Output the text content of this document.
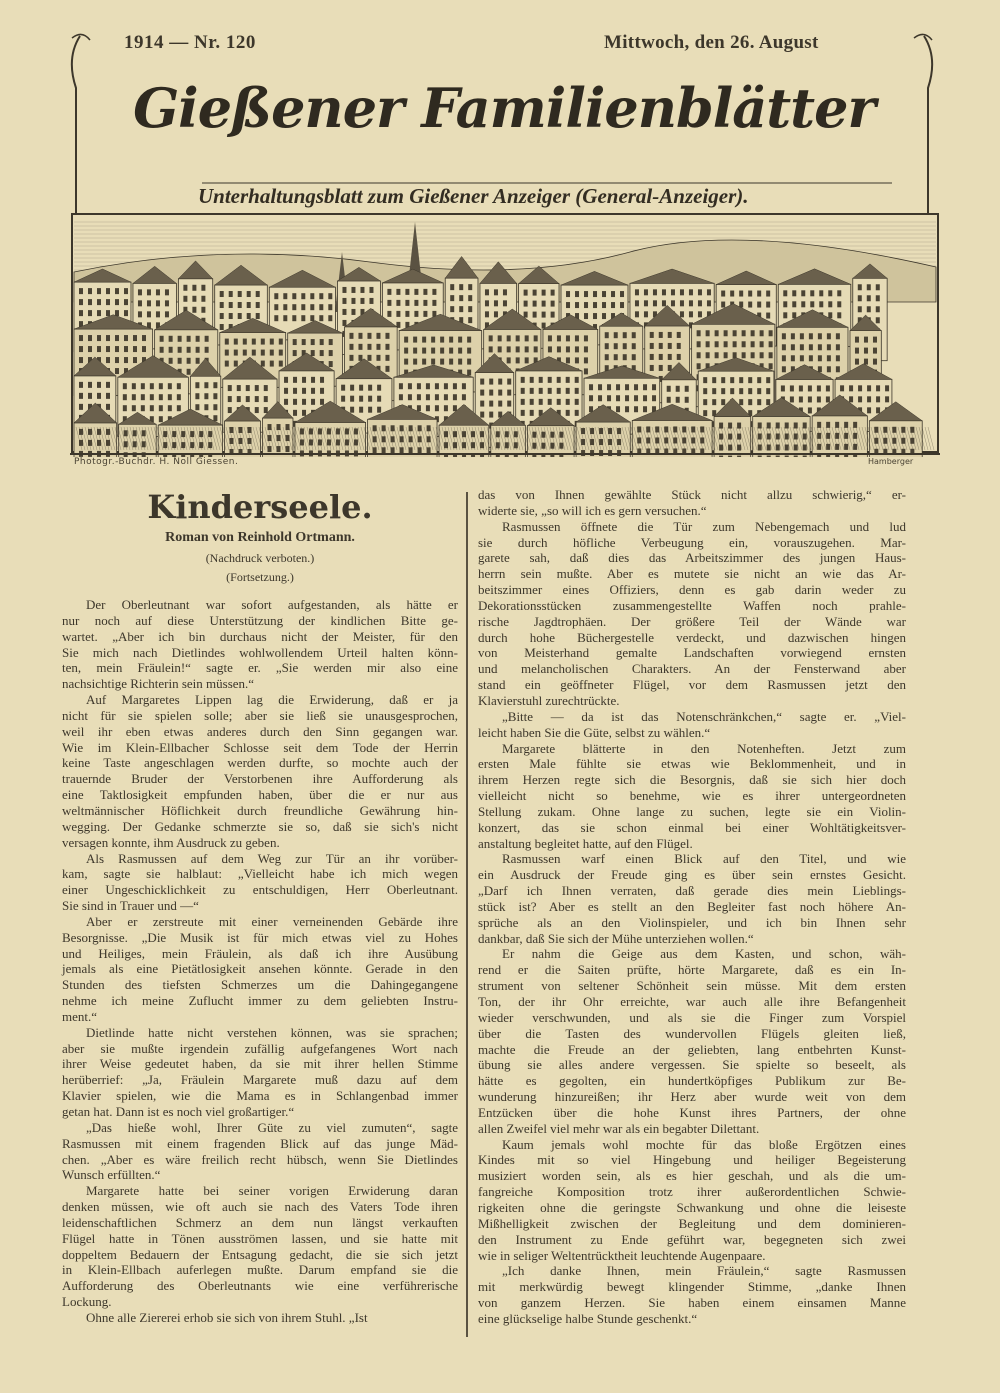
1914 — Nr. 120	Mittwoch, den 26. August
Gießener Familienblätter
Unterhaltungsblatt zum Gießener Anzeiger (General-Anzeiger).
Photogr.-Buchdr. H. Noll Giessen.	Hamberger
Kinderseele.
Roman von Reinhold Ortmann.
(Nachdruck verboten.)
(Fortsetzung.)
Der Oberleutnant war sofort aufgestanden, als hätte er
nur noch auf diese Unterstützung der kindlichen Bitte ge-
wartet. „Aber ich bin durchaus nicht der Meister, für den
Sie mich nach Dietlindes wohlwollendem Urteil halten könn-
ten, mein Fräulein!“ sagte er. „Sie werden mir also eine
nachsichtige Richterin sein müssen.“
Auf Margaretes Lippen lag die Erwiderung, daß er ja
nicht für sie spielen solle; aber sie ließ sie unausgesprochen,
weil ihr eben etwas anderes durch den Sinn gegangen war.
Wie im Klein-Ellbacher Schlosse seit dem Tode der Herrin
keine Taste angeschlagen werden durfte, so mochte auch der
trauernde Bruder der Verstorbenen ihre Aufforderung als
eine Taktlosigkeit empfunden haben, über die er nur aus
weltmännischer Höflichkeit durch freundliche Gewährung hin-
wegging. Der Gedanke schmerzte sie so, daß sie sich's nicht
versagen konnte, ihm Ausdruck zu geben.
Als Rasmussen auf dem Weg zur Tür an ihr vorüber-
kam, sagte sie halblaut: „Vielleicht habe ich mich wegen
einer Ungeschicklichkeit zu entschuldigen, Herr Oberleutnant.
Sie sind in Trauer und —“
Aber er zerstreute mit einer verneinenden Gebärde ihre
Besorgnisse. „Die Musik ist für mich etwas viel zu Hohes
und Heiliges, mein Fräulein, als daß ich ihre Ausübung
jemals als eine Pietätlosigkeit ansehen könnte. Gerade in den
Stunden des tiefsten Schmerzes um die Dahingegangene
nehme ich meine Zuflucht immer zu dem geliebten Instru-
ment.“
Dietlinde hatte nicht verstehen können, was sie sprachen;
aber sie mußte irgendein zufällig aufgefangenes Wort nach
ihrer Weise gedeutet haben, da sie mit ihrer hellen Stimme
herüberrief: „Ja, Fräulein Margarete muß dazu auf dem
Klavier spielen, wie die Mama es in Schlangenbad immer
getan hat. Dann ist es noch viel großartiger.“
„Das hieße wohl, Ihrer Güte zu viel zumuten“, sagte
Rasmussen mit einem fragenden Blick auf das junge Mäd-
chen. „Aber es wäre freilich recht hübsch, wenn Sie Dietlindes
Wunsch erfüllten.“
Margarete hatte bei seiner vorigen Erwiderung daran
denken müssen, wie oft auch sie nach des Vaters Tode ihren
leidenschaftlichen Schmerz an dem nun längst verkauften
Flügel hatte in Tönen ausströmen lassen, und sie hatte mit
doppeltem Bedauern der Entsagung gedacht, die sie sich jetzt
in Klein-Ellbach auferlegen mußte. Darum empfand sie die
Aufforderung des Oberleutnants wie eine verführerische
Lockung.
Ohne alle Ziererei erhob sie sich von ihrem Stuhl. „Ist
das von Ihnen gewählte Stück nicht allzu schwierig,“ er-
widerte sie, „so will ich es gern versuchen.“
Rasmussen öffnete die Tür zum Nebengemach und lud
sie durch höfliche Verbeugung ein, vorauszugehen. Mar-
garete sah, daß dies das Arbeitszimmer des jungen Haus-
herrn sein mußte. Aber es mutete sie nicht an wie das Ar-
beitszimmer eines Offiziers, denn es gab darin weder zu
Dekorationsstücken zusammengestellte Waffen noch prahle-
rische Jagdtrophäen. Der größere Teil der Wände war
durch hohe Büchergestelle verdeckt, und dazwischen hingen
von Meisterhand gemalte Landschaften vorwiegend ernsten
und melancholischen Charakters. An der Fensterwand aber
stand ein geöffneter Flügel, vor dem Rasmussen jetzt den
Klavierstuhl zurechtrückte.
„Bitte — da ist das Notenschränkchen,“ sagte er. „Viel-
leicht haben Sie die Güte, selbst zu wählen.“
Margarete blätterte in den Notenheften. Jetzt zum
ersten Male fühlte sie etwas wie Beklommenheit, und in
ihrem Herzen regte sich die Besorgnis, daß sie sich hier doch
vielleicht nicht so benehme, wie es ihrer untergeordneten
Stellung zukam. Ohne lange zu suchen, legte sie ein Violin-
konzert, das sie schon einmal bei einer Wohltätigkeitsver-
anstaltung begleitet hatte, auf den Flügel.
Rasmussen warf einen Blick auf den Titel, und wie
ein Ausdruck der Freude ging es über sein ernstes Gesicht.
„Darf ich Ihnen verraten, daß gerade dies mein Lieblings-
stück ist? Aber es stellt an den Begleiter fast noch höhere An-
sprüche als an den Violinspieler, und ich bin Ihnen sehr
dankbar, daß Sie sich der Mühe unterziehen wollen.“
Er nahm die Geige aus dem Kasten, und schon, wäh-
rend er die Saiten prüfte, hörte Margarete, daß es ein In-
strument von seltener Schönheit sein müsse. Mit dem ersten
Ton, der ihr Ohr erreichte, war auch alle ihre Befangenheit
wieder verschwunden, und als sie die Finger zum Vorspiel
über die Tasten des wundervollen Flügels gleiten ließ,
machte die Freude an der geliebten, lang entbehrten Kunst-
übung sie alles andere vergessen. Sie spielte so beseelt, als
hätte es gegolten, ein hundertköpfiges Publikum zur Be-
wunderung hinzureißen; ihr Herz aber wurde weit von dem
Entzücken über die hohe Kunst ihres Partners, der ohne
allen Zweifel viel mehr war als ein begabter Dilettant.
Kaum jemals wohl mochte für das bloße Ergötzen eines
Kindes mit so viel Hingebung und heiliger Begeisterung
musiziert worden sein, als es hier geschah, und als die um-
fangreiche Komposition trotz ihrer außerordentlichen Schwie-
rigkeiten ohne die geringste Schwankung und ohne die leiseste
Mißhelligkeit zwischen der Begleitung und dem dominieren-
den Instrument zu Ende geführt war, begegneten sich zwei
wie in seliger Weltentrücktheit leuchtende Augenpaare.
„Ich danke Ihnen, mein Fräulein,“ sagte Rasmussen
mit merkwürdig bewegt klingender Stimme, „danke Ihnen
von ganzem Herzen. Sie haben einem einsamen Manne
eine glückselige halbe Stunde geschenkt.“
